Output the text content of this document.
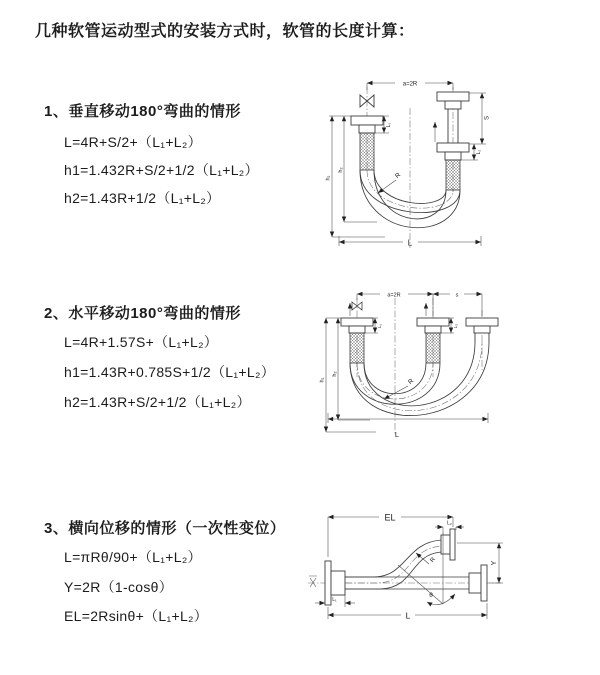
几种软管运动型式的安装方式时，软管的长度计算：
1、垂直移动180°弯曲的情形
L=4R+S/2+（L₁+L₂）
h1=1.432R+S/2+1/2（L₁+L₂）
h2=1.43R+1/2（L₁+L₂）
a=2R
h₂
h₁
L₁
S
L₂
R
L
2、水平移动180°弯曲的情形
L=4R+1.57S+（L₁+L₂）
h1=1.43R+0.785S+1/2（L₁+L₂）
h2=1.43R+S/2+1/2（L₁+L₂）
a=2R	s
L₁	L₂
h₂
h₁	R
L
3、横向位移的情形（一次性变位）
L=πRθ/90+（L₁+L₂）
Y=2R（1-cosθ）
EL=2Rsinθ+（L₁+L₂）
EL
L₂
Y
θ
R
L₁
L
